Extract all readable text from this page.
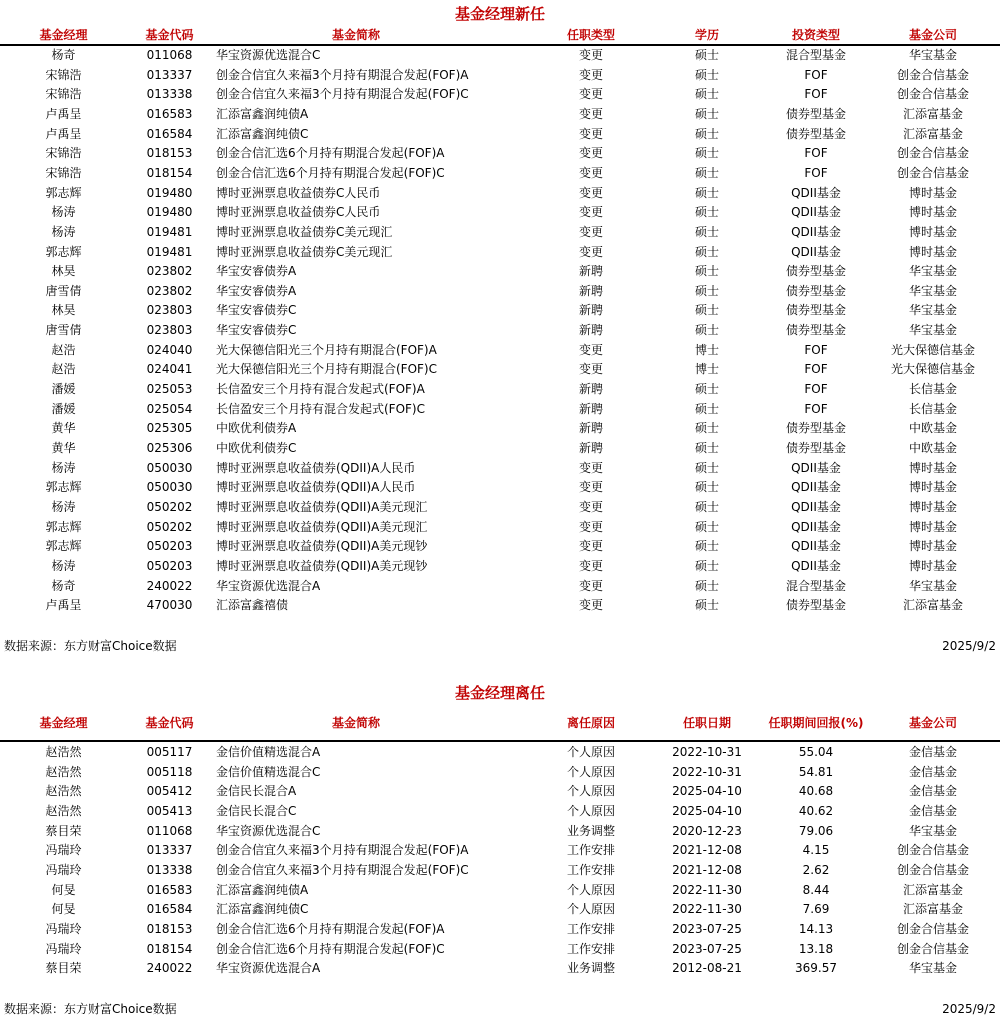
基金经理新任
基金经理	基金代码	基金简称	任职类型	学历	投资类型	基金公司
杨奇	011068	华宝资源优选混合C	变更	硕士	混合型基金	华宝基金
宋锦浩	013337	创金合信宜久来福3个月持有期混合发起(FOF)A	变更	硕士	FOF	创金合信基金
宋锦浩	013338	创金合信宜久来福3个月持有期混合发起(FOF)C	变更	硕士	FOF	创金合信基金
卢禹呈	016583	汇添富鑫润纯债A	变更	硕士	债券型基金	汇添富基金
卢禹呈	016584	汇添富鑫润纯债C	变更	硕士	债券型基金	汇添富基金
宋锦浩	018153	创金合信汇选6个月持有期混合发起(FOF)A	变更	硕士	FOF	创金合信基金
宋锦浩	018154	创金合信汇选6个月持有期混合发起(FOF)C	变更	硕士	FOF	创金合信基金
郭志辉	019480	博时亚洲票息收益债券C人民币	变更	硕士	QDII基金	博时基金
杨涛	019480	博时亚洲票息收益债券C人民币	变更	硕士	QDII基金	博时基金
杨涛	019481	博时亚洲票息收益债券C美元现汇	变更	硕士	QDII基金	博时基金
郭志辉	019481	博时亚洲票息收益债券C美元现汇	变更	硕士	QDII基金	博时基金
林昊	023802	华宝安睿债券A	新聘	硕士	债券型基金	华宝基金
唐雪倩	023802	华宝安睿债券A	新聘	硕士	债券型基金	华宝基金
林昊	023803	华宝安睿债券C	新聘	硕士	债券型基金	华宝基金
唐雪倩	023803	华宝安睿债券C	新聘	硕士	债券型基金	华宝基金
赵浩	024040	光大保德信阳光三个月持有期混合(FOF)A	变更	博士	FOF	光大保德信基金
赵浩	024041	光大保德信阳光三个月持有期混合(FOF)C	变更	博士	FOF	光大保德信基金
潘媛	025053	长信盈安三个月持有混合发起式(FOF)A	新聘	硕士	FOF	长信基金
潘媛	025054	长信盈安三个月持有混合发起式(FOF)C	新聘	硕士	FOF	长信基金
黄华	025305	中欧优利债券A	新聘	硕士	债券型基金	中欧基金
黄华	025306	中欧优利债券C	新聘	硕士	债券型基金	中欧基金
杨涛	050030	博时亚洲票息收益债券(QDII)A人民币	变更	硕士	QDII基金	博时基金
郭志辉	050030	博时亚洲票息收益债券(QDII)A人民币	变更	硕士	QDII基金	博时基金
杨涛	050202	博时亚洲票息收益债券(QDII)A美元现汇	变更	硕士	QDII基金	博时基金
郭志辉	050202	博时亚洲票息收益债券(QDII)A美元现汇	变更	硕士	QDII基金	博时基金
郭志辉	050203	博时亚洲票息收益债券(QDII)A美元现钞	变更	硕士	QDII基金	博时基金
杨涛	050203	博时亚洲票息收益债券(QDII)A美元现钞	变更	硕士	QDII基金	博时基金
杨奇	240022	华宝资源优选混合A	变更	硕士	混合型基金	华宝基金
卢禹呈	470030	汇添富鑫禧债	变更	硕士	债券型基金	汇添富基金
数据来源：东方财富Choice数据	2025/9/2
基金经理离任
基金经理	基金代码	基金简称	离任原因	任职日期	任职期间回报(%)	基金公司
赵浩然	005117	金信价值精选混合A	个人原因	2022-10-31	55.04	金信基金
赵浩然	005118	金信价值精选混合C	个人原因	2022-10-31	54.81	金信基金
赵浩然	005412	金信民长混合A	个人原因	2025-04-10	40.68	金信基金
赵浩然	005413	金信民长混合C	个人原因	2025-04-10	40.62	金信基金
蔡目荣	011068	华宝资源优选混合C	业务调整	2020-12-23	79.06	华宝基金
冯瑞玲	013337	创金合信宜久来福3个月持有期混合发起(FOF)A	工作安排	2021-12-08	4.15	创金合信基金
冯瑞玲	013338	创金合信宜久来福3个月持有期混合发起(FOF)C	工作安排	2021-12-08	2.62	创金合信基金
何旻	016583	汇添富鑫润纯债A	个人原因	2022-11-30	8.44	汇添富基金
何旻	016584	汇添富鑫润纯债C	个人原因	2022-11-30	7.69	汇添富基金
冯瑞玲	018153	创金合信汇选6个月持有期混合发起(FOF)A	工作安排	2023-07-25	14.13	创金合信基金
冯瑞玲	018154	创金合信汇选6个月持有期混合发起(FOF)C	工作安排	2023-07-25	13.18	创金合信基金
蔡目荣	240022	华宝资源优选混合A	业务调整	2012-08-21	369.57	华宝基金
数据来源：东方财富Choice数据	2025/9/2
